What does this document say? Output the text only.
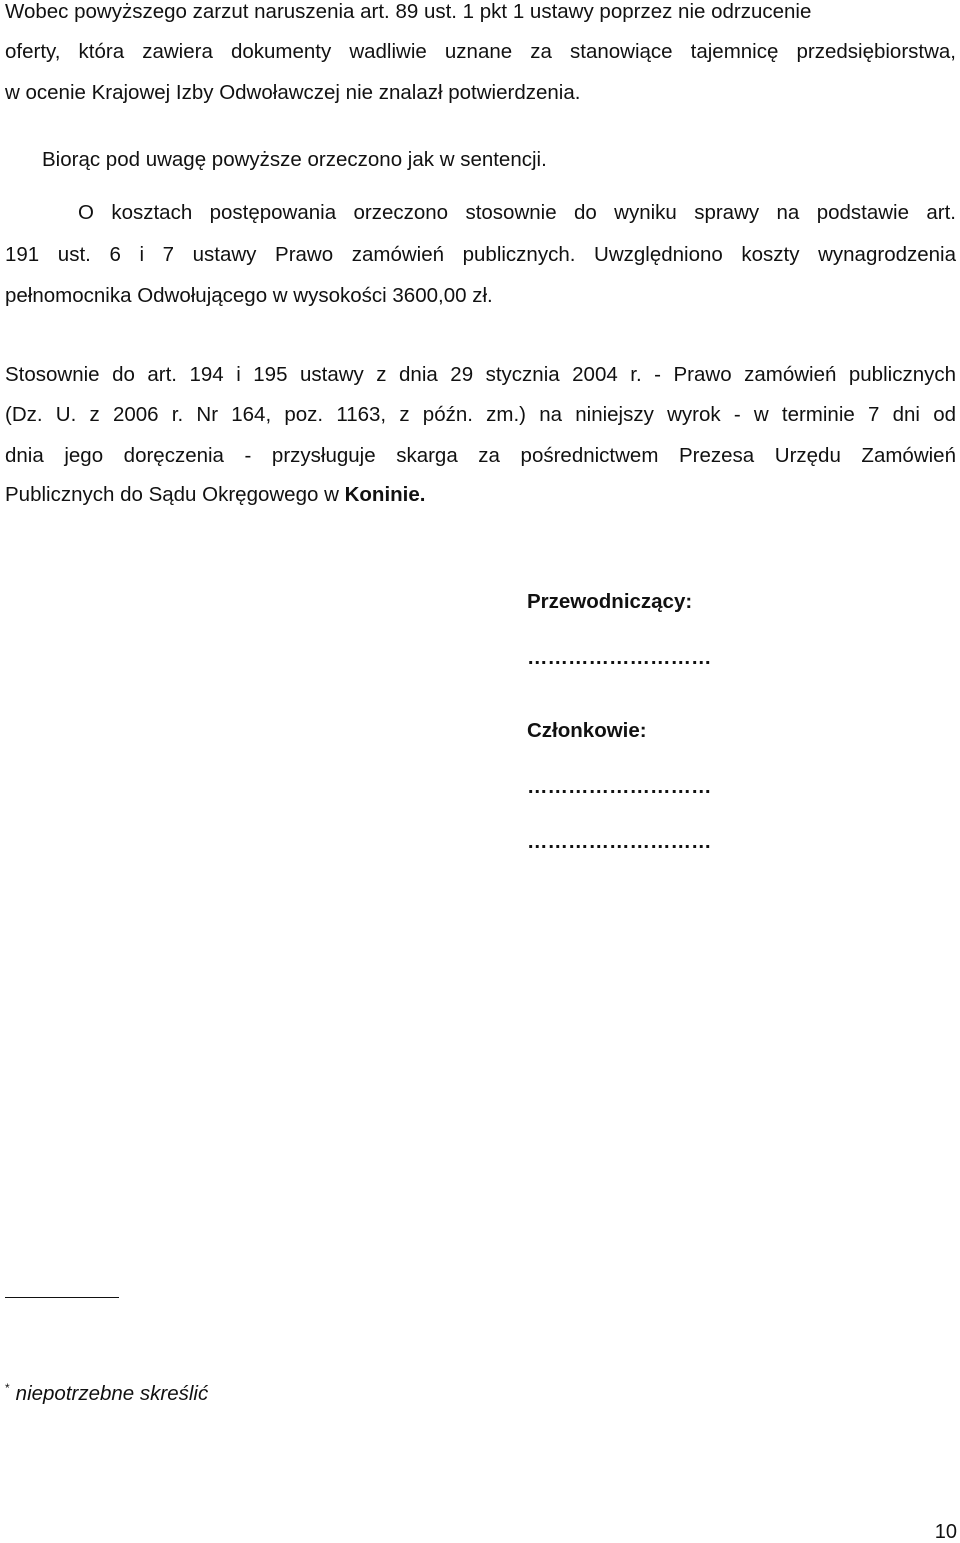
Wobec powyższego zarzut naruszenia art. 89 ust. 1 pkt 1 ustawy poprzez nie odrzucenie
oferty, która zawiera dokumenty wadliwie uznane za stanowiące tajemnicę przedsiębiorstwa,
w ocenie Krajowej Izby Odwoławczej nie znalazł potwierdzenia.
Biorąc pod uwagę powyższe orzeczono jak w sentencji.
O kosztach postępowania orzeczono stosownie do wyniku sprawy na podstawie art.
191 ust. 6 i 7 ustawy Prawo zamówień publicznych. Uwzględniono koszty wynagrodzenia
pełnomocnika Odwołującego w wysokości 3600,00 zł.
Stosownie do art. 194 i 195 ustawy z dnia 29 stycznia 2004 r. - Prawo zamówień publicznych
(Dz. U. z 2006 r. Nr 164, poz. 1163, z późn. zm.) na niniejszy wyrok - w terminie 7 dni od
dnia jego doręczenia - przysługuje skarga za pośrednictwem Prezesa Urzędu Zamówień
Publicznych do Sądu Okręgowego w Koninie.
Przewodniczący:
………………………
Członkowie:
………………………
………………………
* niepotrzebne skreślić
10
